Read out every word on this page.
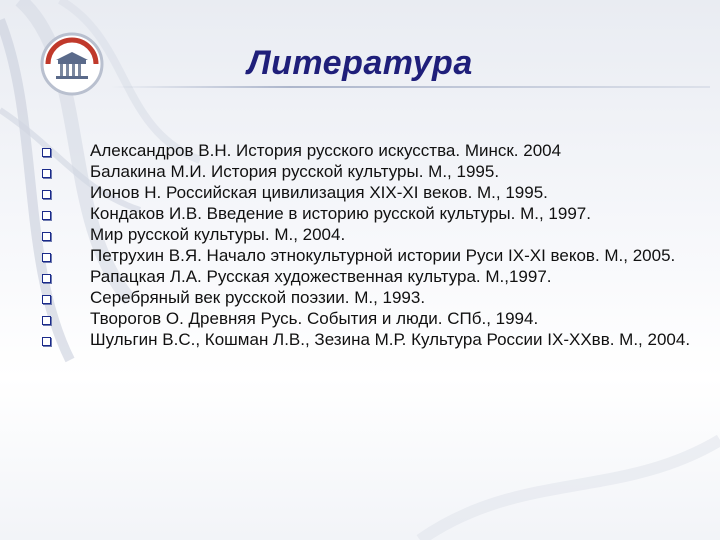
Литература
Александров В.Н. История русского искусства. Минск. 2004
Балакина М.И. История русской культуры. М., 1995.
Ионов Н. Российская цивилизация XIX-XI веков. М., 1995.
Кондаков И.В. Введение в историю русской культуры. М., 1997.
Мир русской культуры. М., 2004.
Петрухин В.Я. Начало этнокультурной истории Руси IX-XI веков. М., 2005.
Рапацкая Л.А. Русская художественная культура. М.,1997.
Серебряный век русской поэзии. М., 1993.
Творогов О. Древняя Русь. События и люди. СПб., 1994.
Шульгин В.С., Кошман Л.В., Зезина М.Р. Культура России IX-XXвв. М., 2004.
